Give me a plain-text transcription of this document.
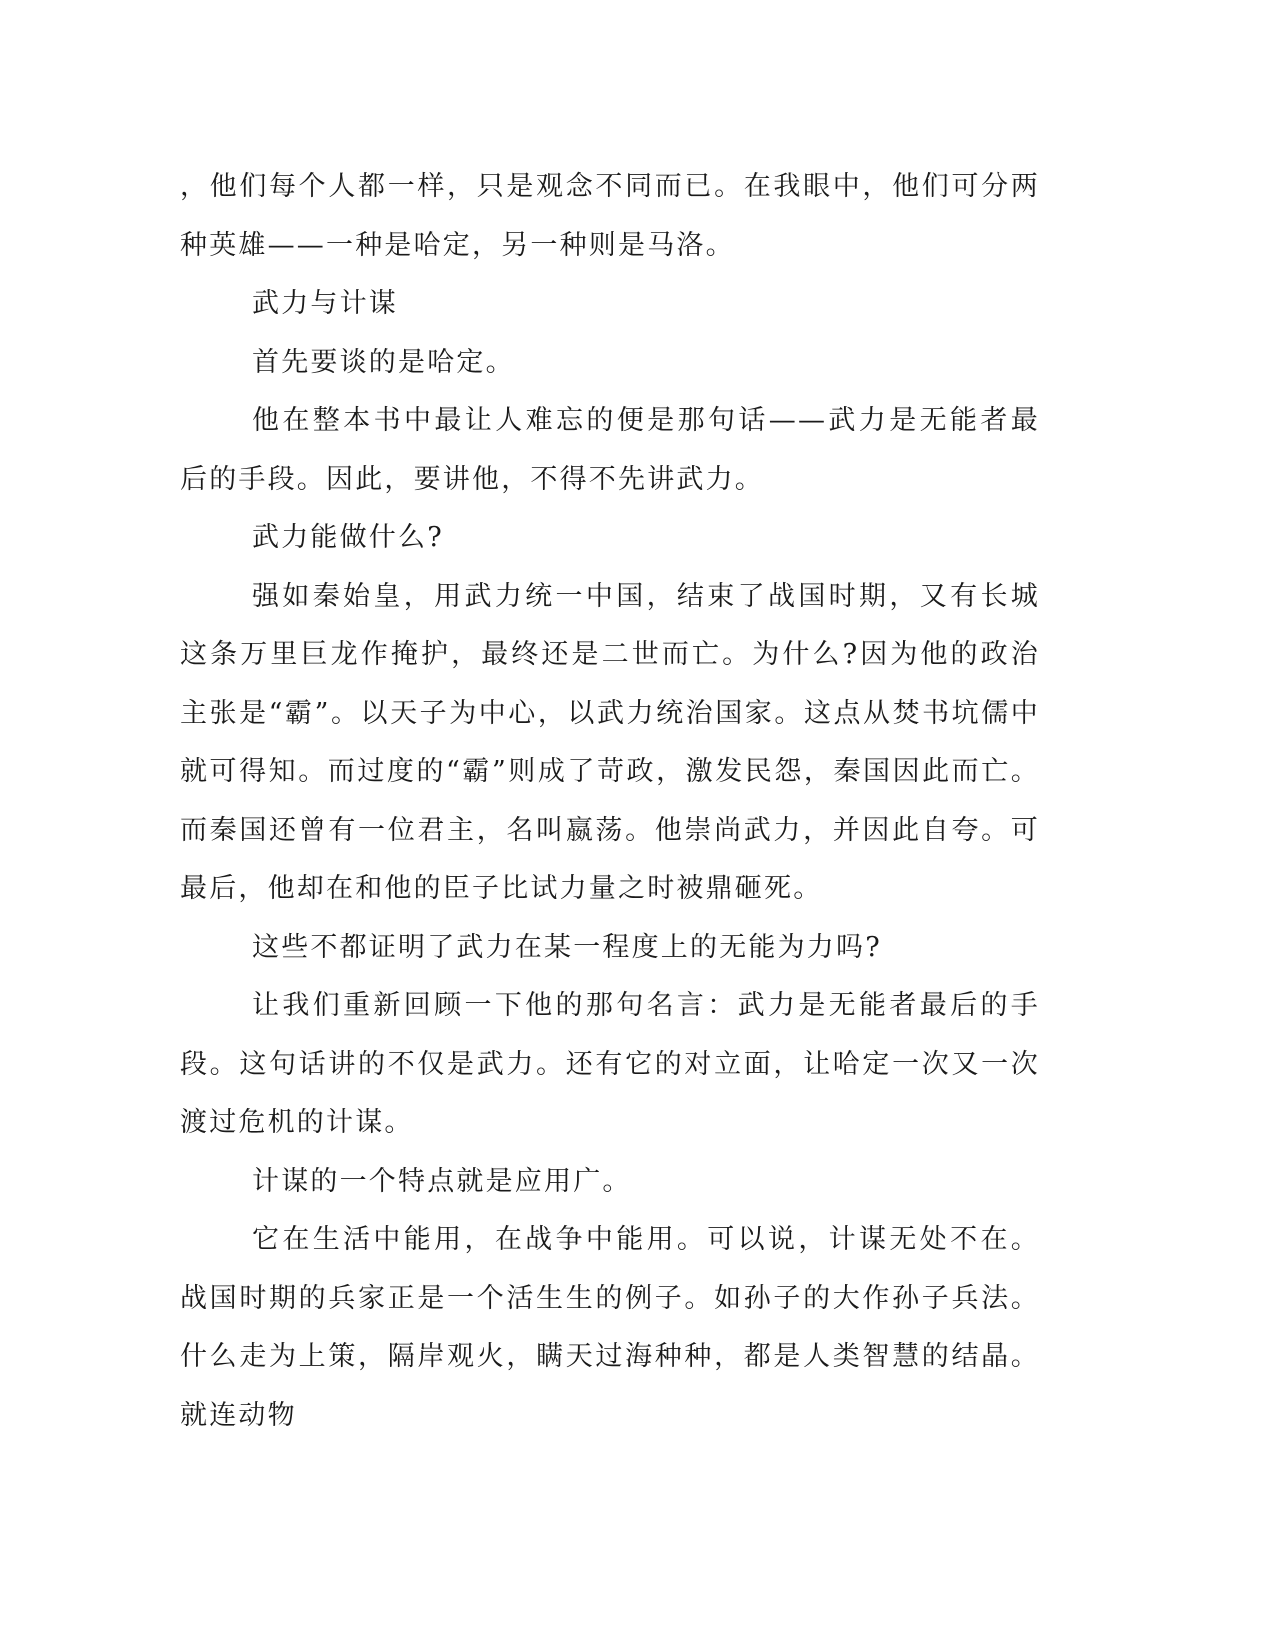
，他们每个人都一样，只是观念不同而已。在我眼中，他们可分两种英雄——一种是哈定，另一种则是马洛。

武力与计谋

首先要谈的是哈定。

他在整本书中最让人难忘的便是那句话——武力是无能者最后的手段。因此，要讲他，不得不先讲武力。

武力能做什么?

强如秦始皇，用武力统一中国，结束了战国时期，又有长城这条万里巨龙作掩护，最终还是二世而亡。为什么?因为他的政治主张是“霸”。以天子为中心，以武力统治国家。这点从焚书坑儒中就可得知。而过度的“霸”则成了苛政，激发民怨，秦国因此而亡。而秦国还曾有一位君主，名叫嬴荡。他崇尚武力，并因此自夸。可最后，他却在和他的臣子比试力量之时被鼎砸死。

这些不都证明了武力在某一程度上的无能为力吗?

让我们重新回顾一下他的那句名言：武力是无能者最后的手段。这句话讲的不仅是武力。还有它的对立面，让哈定一次又一次渡过危机的计谋。

计谋的一个特点就是应用广。

它在生活中能用，在战争中能用。可以说，计谋无处不在。战国时期的兵家正是一个活生生的例子。如孙子的大作孙子兵法。什么走为上策，隔岸观火，瞒天过海种种，都是人类智慧的结晶。就连动物
